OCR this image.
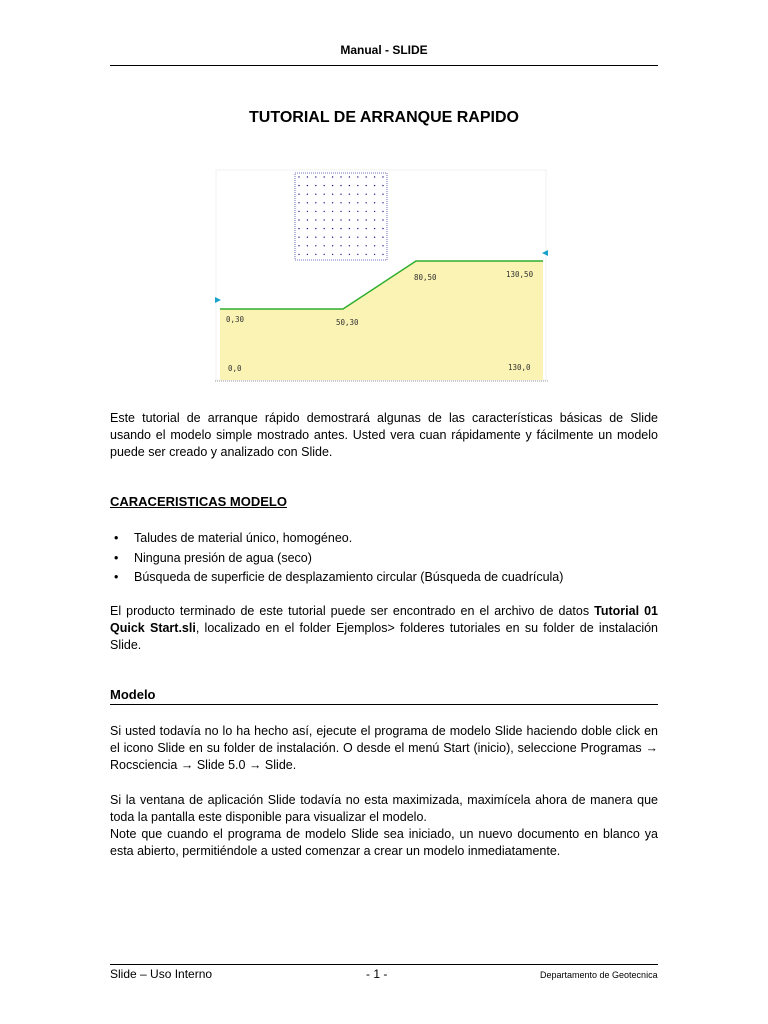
Manual - SLIDE
TUTORIAL DE ARRANQUE RAPIDO
0,30	50,30
80,50	130,50
0,0	130,0
Este tutorial de arranque rápido demostrará algunas de las características básicas de Slide usando el modelo simple mostrado antes. Usted vera cuan rápidamente y fácilmente un modelo puede ser creado y analizado con Slide.
CARACERISTICAS MODELO
• Taludes de material único, homogéneo.
• Ninguna presión de agua (seco)
• Búsqueda de superficie de desplazamiento circular (Búsqueda de cuadrícula)
El producto terminado de este tutorial puede ser encontrado en el archivo de datos Tutorial 01 Quick Start.sli, localizado en el folder Ejemplos> folderes tutoriales en su folder de instalación Slide.
Modelo
Si usted todavía no lo ha hecho así, ejecute el programa de modelo Slide haciendo doble click en el icono Slide en su folder de instalación. O desde el menú Start (inicio), seleccione Programas → Rocsciencia → Slide 5.0 → Slide.
Si la ventana de aplicación Slide todavía no esta maximizada, maximícela ahora de manera que toda la pantalla este disponible para visualizar el modelo.
Note que cuando el programa de modelo Slide sea iniciado, un nuevo documento en blanco ya esta abierto, permitiéndole a usted comenzar a crear un modelo inmediatamente.
Slide – Uso Interno	- 1 -	Departamento de Geotecnica
